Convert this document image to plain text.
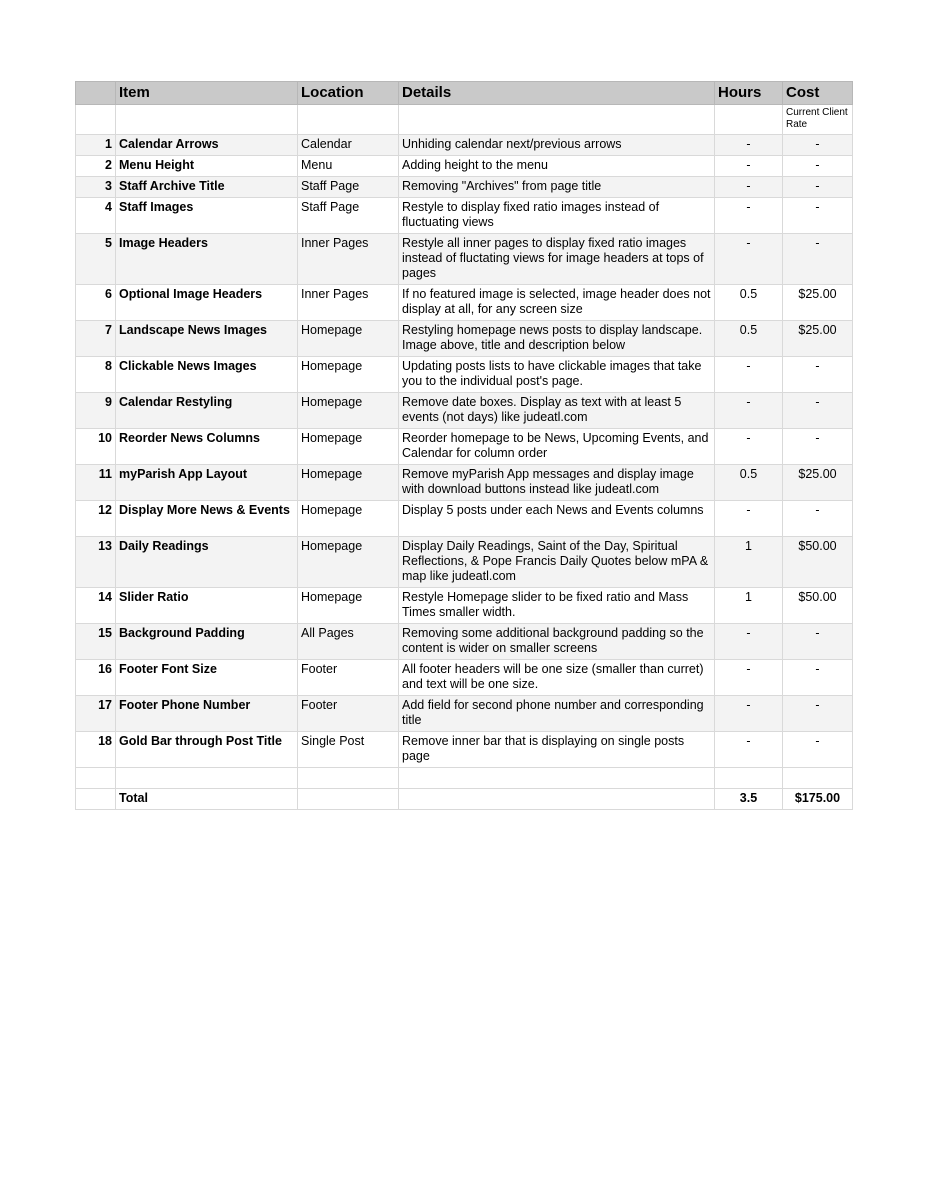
	Item	Location	Details	Hours	Cost
					Current Client Rate
1	Calendar Arrows	Calendar	Unhiding calendar next/previous arrows	-	-
2	Menu Height	Menu	Adding height to the menu	-	-
3	Staff Archive Title	Staff Page	Removing "Archives" from page title	-	-
4	Staff Images	Staff Page	Restyle to display fixed ratio images instead of fluctuating views	-	-
5	Image Headers	Inner Pages	Restyle all inner pages to display fixed ratio images instead of fluctating views for image headers at tops of pages	-	-
6	Optional Image Headers	Inner Pages	If no featured image is selected, image header does not display at all, for any screen size	0.5	$25.00
7	Landscape News Images	Homepage	Restyling homepage news posts to display landscape. Image above, title and description below	0.5	$25.00
8	Clickable News Images	Homepage	Updating posts lists to have clickable images that take you to the individual post's page.	-	-
9	Calendar Restyling	Homepage	Remove date boxes. Display as text with at least 5 events (not days) like judeatl.com	-	-
10	Reorder News Columns	Homepage	Reorder homepage to be News, Upcoming Events, and Calendar for column order	-	-
11	myParish App Layout	Homepage	Remove myParish App messages and display image with download buttons instead like judeatl.com	0.5	$25.00
12	Display More News & Events	Homepage	Display 5 posts under each News and Events columns	-	-
13	Daily Readings	Homepage	Display Daily Readings, Saint of the Day, Spiritual Reflections, & Pope Francis Daily Quotes below mPA & map like judeatl.com	1	$50.00
14	Slider Ratio	Homepage	Restyle Homepage slider to be fixed ratio and Mass Times smaller width.	1	$50.00
15	Background Padding	All Pages	Removing some additional background padding so the content is wider on smaller screens	-	-
16	Footer Font Size	Footer	All footer headers will be one size (smaller than curret) and text will be one size.	-	-
17	Footer Phone Number	Footer	Add field for second phone number and corresponding title	-	-
18	Gold Bar through Post Title	Single Post	Remove inner bar that is displaying on single posts page	-	-

	Total			3.5	$175.00
